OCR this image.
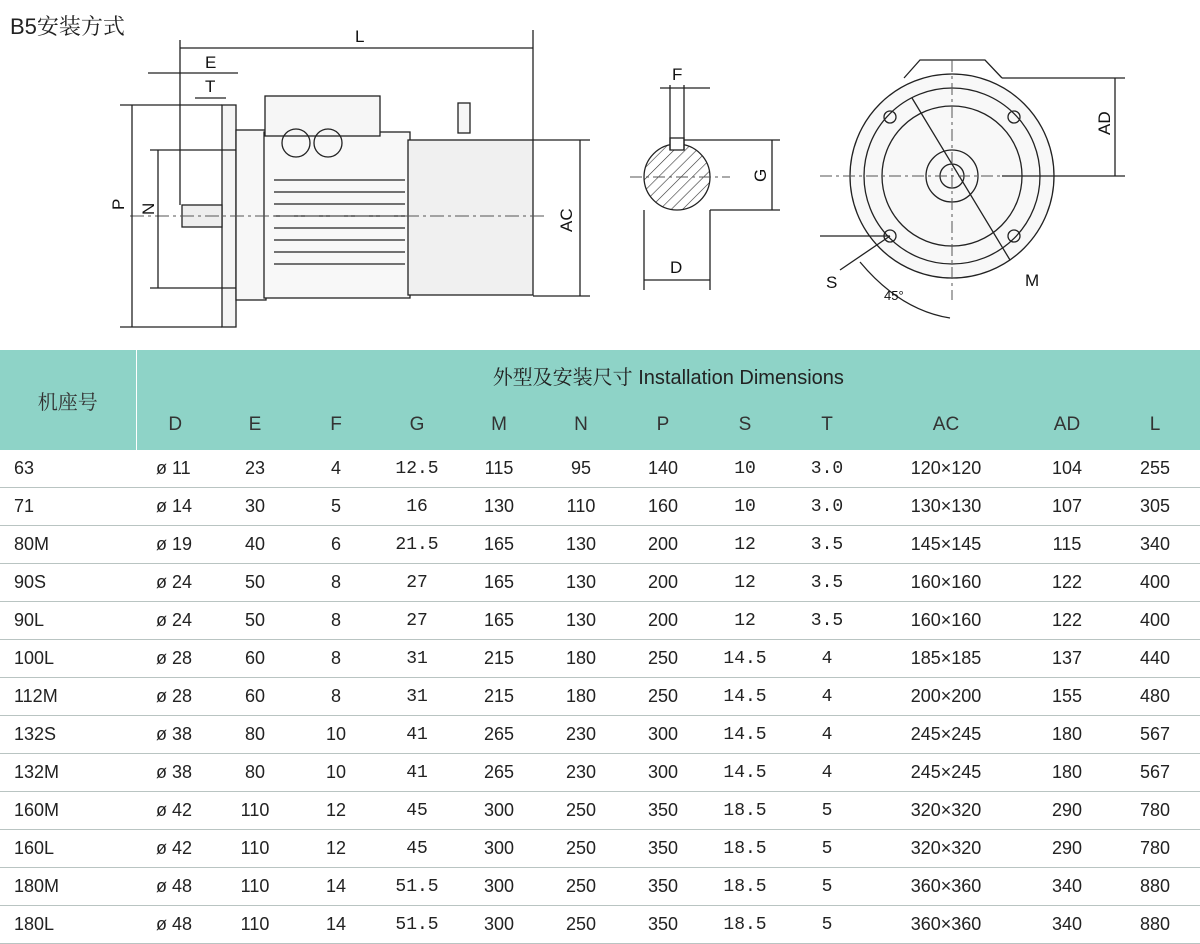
B5安装方式	L
E
T
P N	AC
F
G
D
AD
S
45°
M
机座号	外型及安装尺寸 Installation Dimensions											
	D	E	F	G	M	N	P	S	T	AC	AD	L
63	ø 11	23	4	12.5	115	95	140	10	3.0	120×120	104	255
71	ø 14	30	5	16	130	110	160	10	3.0	130×130	107	305
80M	ø 19	40	6	21.5	165	130	200	12	3.5	145×145	115	340
90S	ø 24	50	8	27	165	130	200	12	3.5	160×160	122	400
90L	ø 24	50	8	27	165	130	200	12	3.5	160×160	122	400
100L	ø 28	60	8	31	215	180	250	14.5	4	185×185	137	440
112M	ø 28	60	8	31	215	180	250	14.5	4	200×200	155	480
132S	ø 38	80	10	41	265	230	300	14.5	4	245×245	180	567
132M	ø 38	80	10	41	265	230	300	14.5	4	245×245	180	567
160M	ø 42	110	12	45	300	250	350	18.5	5	320×320	290	780
160L	ø 42	110	12	45	300	250	350	18.5	5	320×320	290	780
180M	ø 48	110	14	51.5	300	250	350	18.5	5	360×360	340	880
180L	ø 48	110	14	51.5	300	250	350	18.5	5	360×360	340	880
